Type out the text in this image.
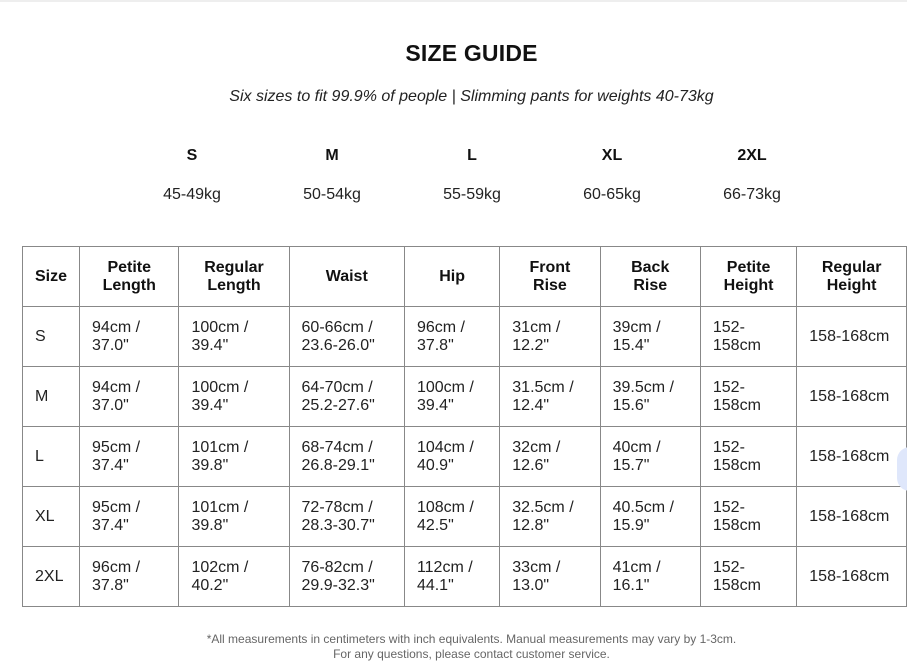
SIZE GUIDE
Six sizes to fit 99.9% of people | Slimming pants for weights 40-73kg
S
45-49kg
M
50-54kg
L
55-59kg
XL
60-65kg
2XL
66-73kg
Size	Petite Length	Regular Length	Waist	Hip	Front Rise	Back Rise	Petite Height	Regular Height
S	94cm / 37.0"	100cm / 39.4"	60-66cm / 23.6-26.0"	96cm / 37.8"	31cm / 12.2"	39cm / 15.4"	152-158cm	158-168cm
M	94cm / 37.0"	100cm / 39.4"	64-70cm / 25.2-27.6"	100cm / 39.4"	31.5cm / 12.4"	39.5cm / 15.6"	152-158cm	158-168cm
L	95cm / 37.4"	101cm / 39.8"	68-74cm / 26.8-29.1"	104cm / 40.9"	32cm / 12.6"	40cm / 15.7"	152-158cm	158-168cm
XL	95cm / 37.4"	101cm / 39.8"	72-78cm / 28.3-30.7"	108cm / 42.5"	32.5cm / 12.8"	40.5cm / 15.9"	152-158cm	158-168cm
2XL	96cm / 37.8"	102cm / 40.2"	76-82cm / 29.9-32.3"	112cm / 44.1"	33cm / 13.0"	41cm / 16.1"	152-158cm	158-168cm
*All measurements in centimeters with inch equivalents. Manual measurements may vary by 1-3cm.
For any questions, please contact customer service.
